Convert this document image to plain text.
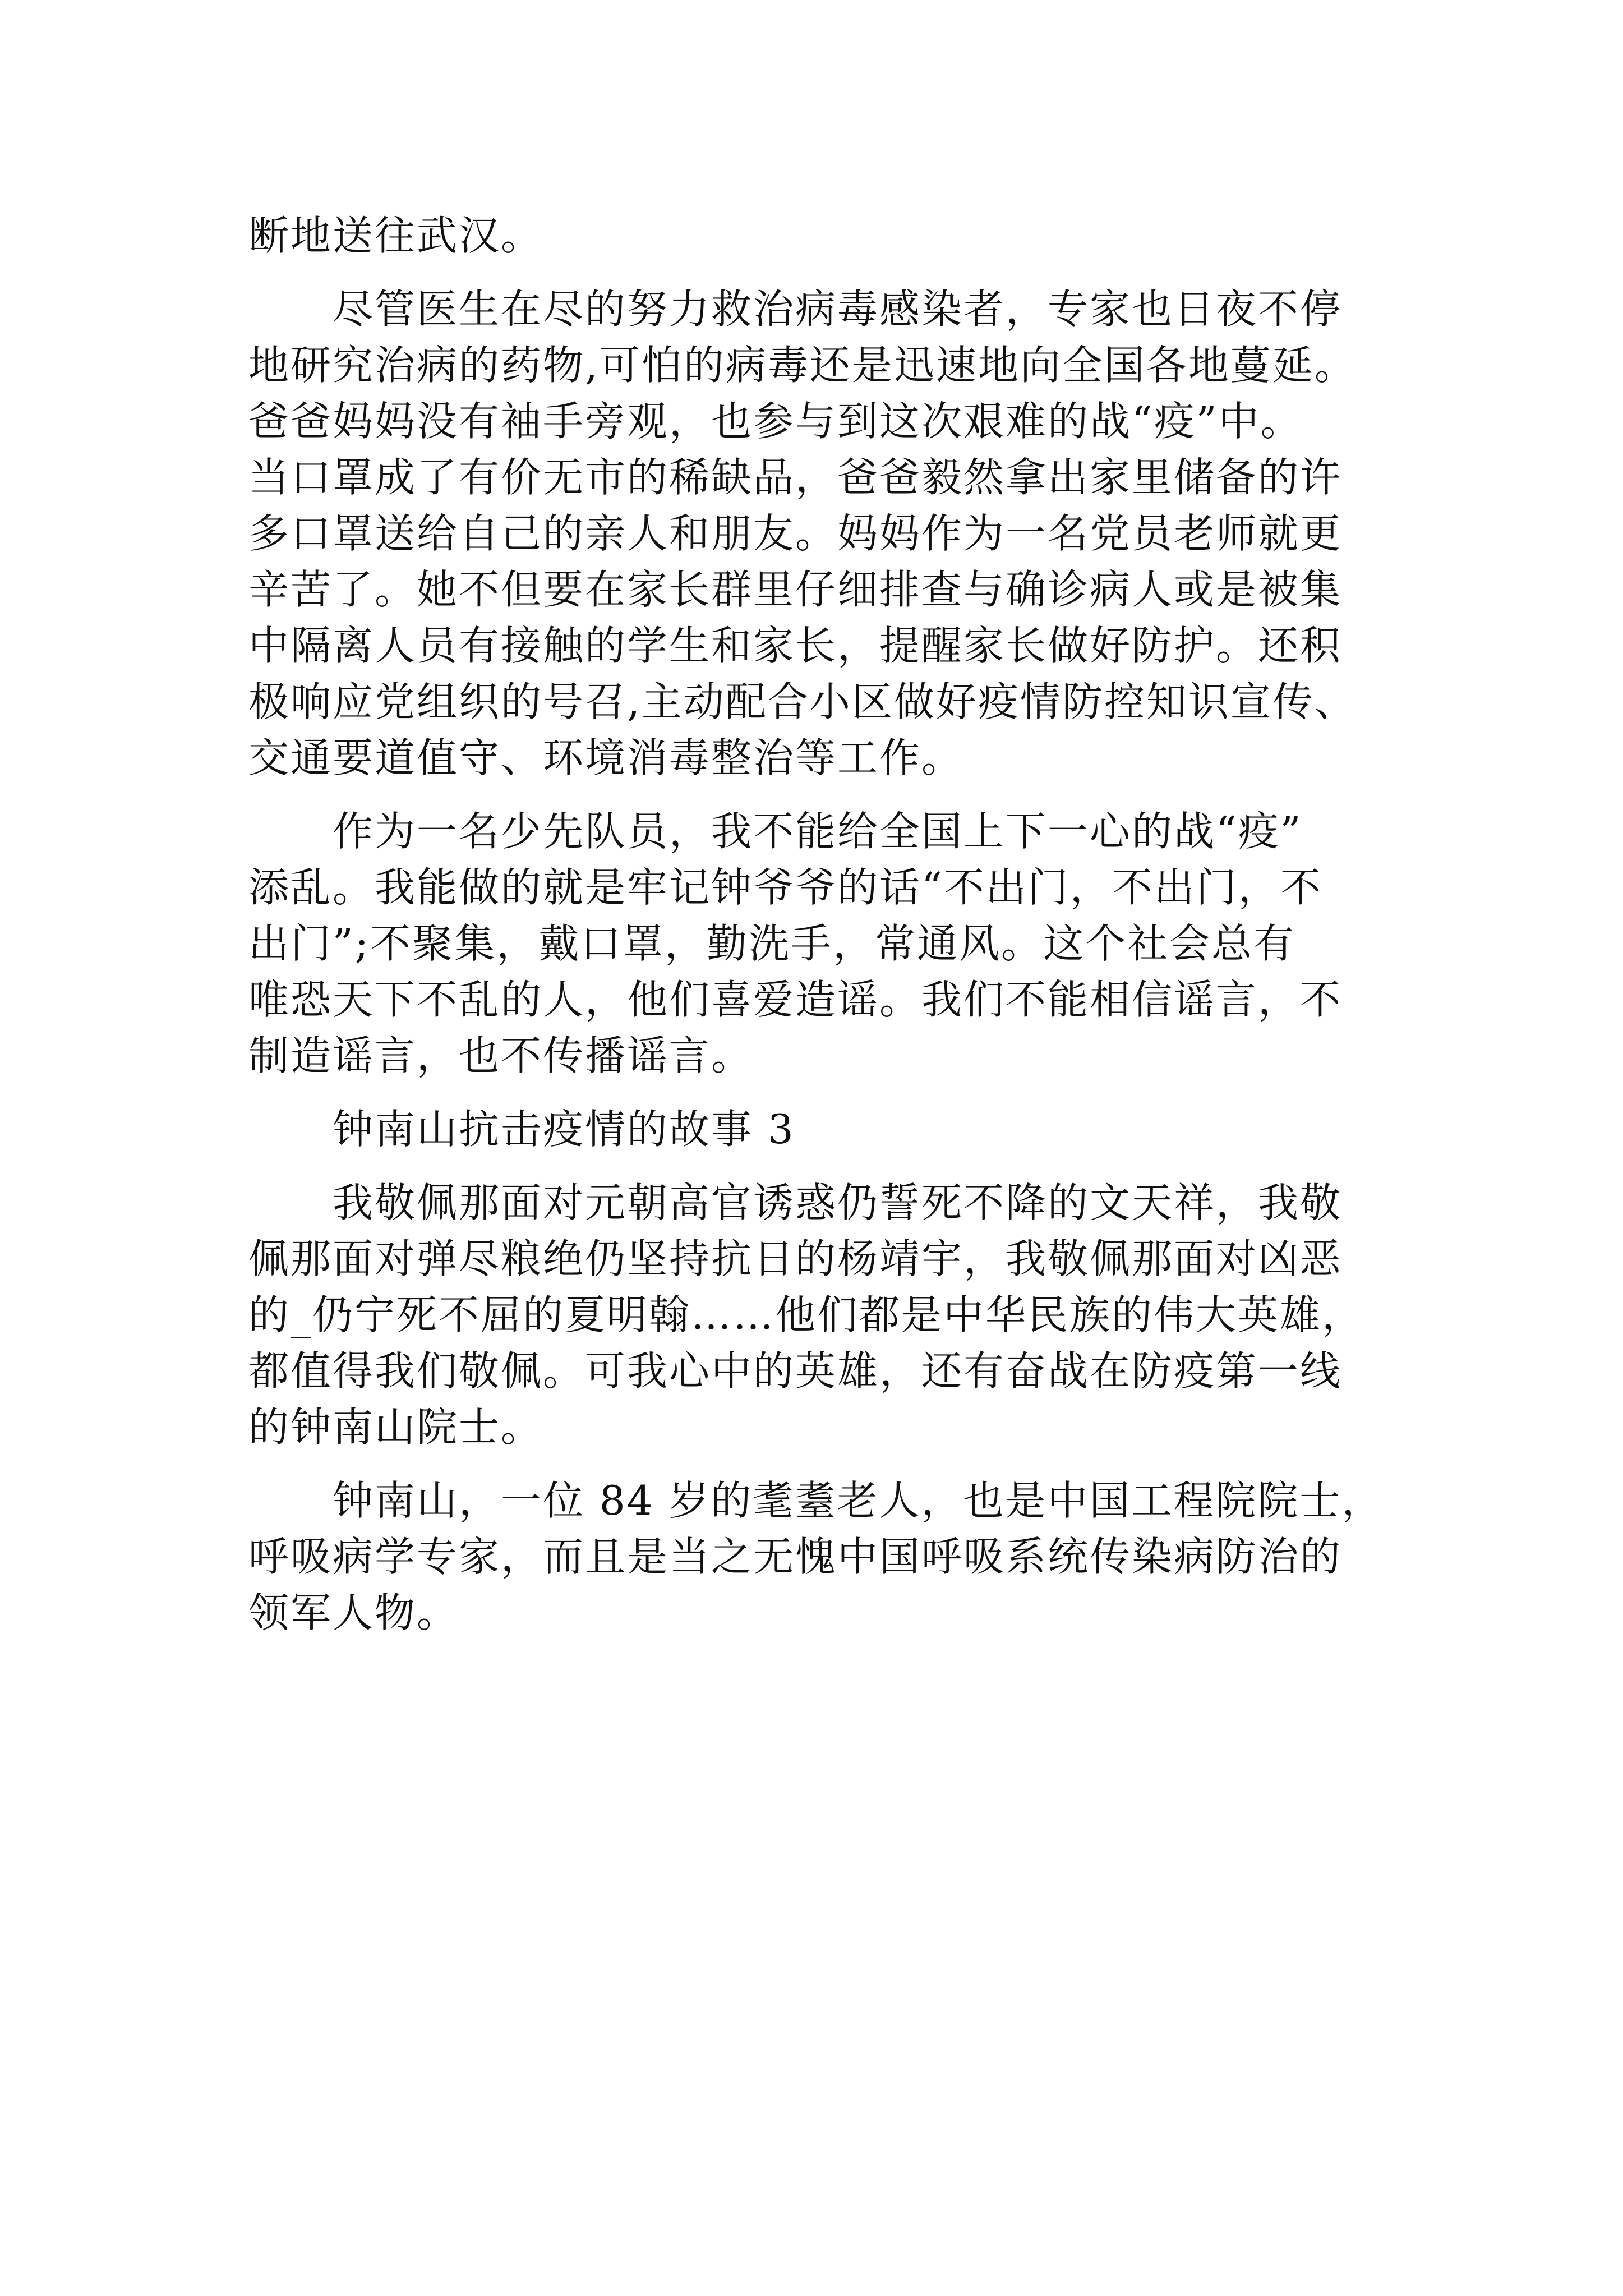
断地送往武汉。

尽管医生在尽的努力救治病毒感染者，专家也日夜不停

地研究治病的药物,可怕的病毒还是迅速地向全国各地蔓延。

爸爸妈妈没有袖手旁观，也参与到这次艰难的战“疫”中。

当口罩成了有价无市的稀缺品，爸爸毅然拿出家里储备的许

多口罩送给自己的亲人和朋友。妈妈作为一名党员老师就更

辛苦了。她不但要在家长群里仔细排查与确诊病人或是被集

中隔离人员有接触的学生和家长，提醒家长做好防护。还积

极响应党组织的号召,主动配合小区做好疫情防控知识宣传、

交通要道值守、环境消毒整治等工作。

作为一名少先队员，我不能给全国上下一心的战“疫”

添乱。我能做的就是牢记钟爷爷的话“不出门，不出门，不

出门”;不聚集，戴口罩，勤洗手，常通风。这个社会总有

唯恐天下不乱的人，他们喜爱造谣。我们不能相信谣言，不

制造谣言，也不传播谣言。

钟南山抗击疫情的故事 3

我敬佩那面对元朝高官诱惑仍誓死不降的文天祥，我敬

佩那面对弹尽粮绝仍坚持抗日的杨靖宇，我敬佩那面对凶恶

的_仍宁死不屈的夏明翰……他们都是中华民族的伟大英雄，

都值得我们敬佩。可我心中的英雄，还有奋战在防疫第一线

的钟南山院士。

钟南山，一位 84 岁的耄耋老人，也是中国工程院院士，

呼吸病学专家，而且是当之无愧中国呼吸系统传染病防治的

领军人物。
